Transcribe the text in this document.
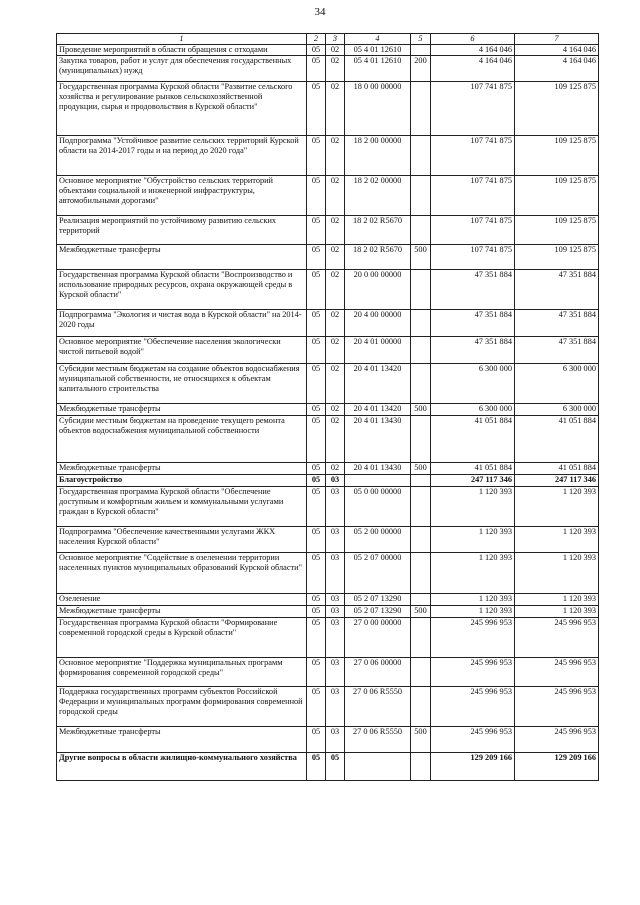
34
1	2	3	4	5	6	7
Проведение мероприятий в области обращения с отходами	05	02	05 4 01 12610		4 164 046	4 164 046
Закупка товаров, работ и услуг для обеспечения государственных (муниципальных) нужд	05	02	05 4 01 12610	200	4 164 046	4 164 046
Государственная программа Курской области "Развитие сельского хозяйства и регулирование рынков сельскохозяйственной продукции, сырья и продовольствия в Курской области"	05	02	18 0 00 00000		107 741 875	109 125 875
Подпрограмма "Устойчивое развитие сельских территорий Курской области на 2014-2017 годы и на период до 2020 года"	05	02	18 2 00 00000		107 741 875	109 125 875
Основное мероприятие "Обустройство сельских территорий объектами социальной и инженерной инфраструктуры, автомобильными дорогами"	05	02	18 2 02 00000		107 741 875	109 125 875
Реализация мероприятий по устойчивому развитию сельских территорий	05	02	18 2 02 R5670		107 741 875	109 125 875
Межбюджетные трансферты	05	02	18 2 02 R5670	500	107 741 875	109 125 875
Государственная программа Курской области "Воспроизводство и использование природных ресурсов, охрана окружающей среды в Курской области"	05	02	20 0 00 00000		47 351 884	47 351 884
Подпрограмма "Экология и чистая вода в Курской области" на 2014-2020 годы	05	02	20 4 00 00000		47 351 884	47 351 884
Основное мероприятие "Обеспечение населения экологически чистой питьевой водой"	05	02	20 4 01 00000		47 351 884	47 351 884
Субсидии местным бюджетам на создание объектов водоснабжения муниципальной собственности, не относящихся к объектам капитального строительства	05	02	20 4 01 13420		6 300 000	6 300 000
Межбюджетные трансферты	05	02	20 4 01 13420	500	6 300 000	6 300 000
Субсидии местным бюджетам на проведение текущего ремонта объектов водоснабжения муниципальной собственности	05	02	20 4 01 13430		41 051 884	41 051 884
Межбюджетные трансферты	05	02	20 4 01 13430	500	41 051 884	41 051 884
Благоустройство	05	03			247 117 346	247 117 346
Государственная программа Курской области "Обеспечение доступным и комфортным жильем и коммунальными услугами граждан в Курской области"	05	03	05 0 00 00000		1 120 393	1 120 393
Подпрограмма "Обеспечение качественными услугами ЖКХ населения Курской области"	05	03	05 2 00 00000		1 120 393	1 120 393
Основное мероприятие "Содействие в озеленении территории населенных пунктов муниципальных образований Курской области"	05	03	05 2 07 00000		1 120 393	1 120 393
Озеленение	05	03	05 2 07 13290		1 120 393	1 120 393
Межбюджетные трансферты	05	03	05 2 07 13290	500	1 120 393	1 120 393
Государственная программа Курской области "Формирование современной городской среды в Курской области"	05	03	27 0 00 00000		245 996 953	245 996 953
Основное мероприятие "Поддержка муниципальных программ формирования современной городской среды"	05	03	27 0 06 00000		245 996 953	245 996 953
Поддержка государственных программ субъектов Российской Федерации и муниципальных программ формирования современной городской среды	05	03	27 0 06 R5550		245 996 953	245 996 953
Межбюджетные трансферты	05	03	27 0 06 R5550	500	245 996 953	245 996 953
Другие вопросы в области жилищно-коммунального хозяйства	05	05			129 209 166	129 209 166
